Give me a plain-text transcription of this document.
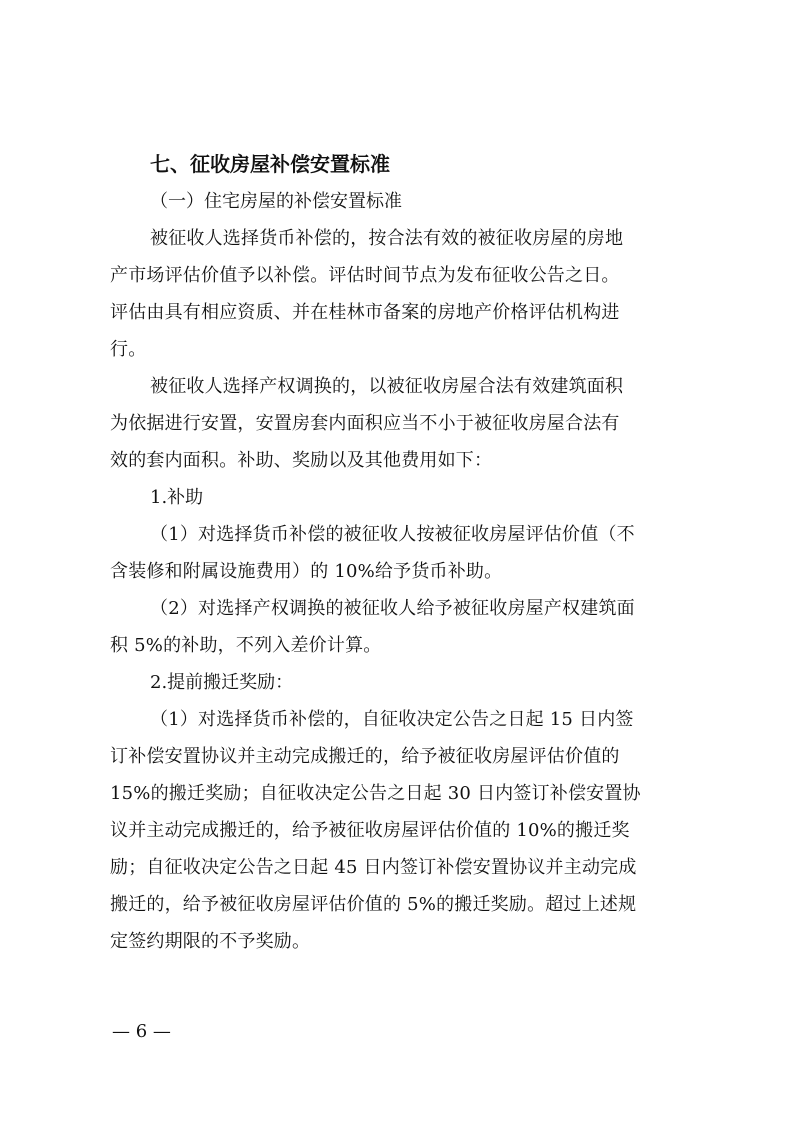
七、征收房屋补偿安置标准

（一）住宅房屋的补偿安置标准

被征收人选择货币补偿的，按合法有效的被征收房屋的房地
产市场评估价值予以补偿。评估时间节点为发布征收公告之日。
评估由具有相应资质、并在桂林市备案的房地产价格评估机构进
行。

被征收人选择产权调换的，以被征收房屋合法有效建筑面积
为依据进行安置，安置房套内面积应当不小于被征收房屋合法有
效的套内面积。补助、奖励以及其他费用如下：

1.补助

（1）对选择货币补偿的被征收人按被征收房屋评估价值（不
含装修和附属设施费用）的 10%给予货币补助。

（2）对选择产权调换的被征收人给予被征收房屋产权建筑面
积 5%的补助，不列入差价计算。

2.提前搬迁奖励：

（1）对选择货币补偿的，自征收决定公告之日起 15 日内签
订补偿安置协议并主动完成搬迁的，给予被征收房屋评估价值的
15%的搬迁奖励；自征收决定公告之日起 30 日内签订补偿安置协
议并主动完成搬迁的，给予被征收房屋评估价值的 10%的搬迁奖
励；自征收决定公告之日起 45 日内签订补偿安置协议并主动完成
搬迁的，给予被征收房屋评估价值的 5%的搬迁奖励。超过上述规
定签约期限的不予奖励。

— 6 —
